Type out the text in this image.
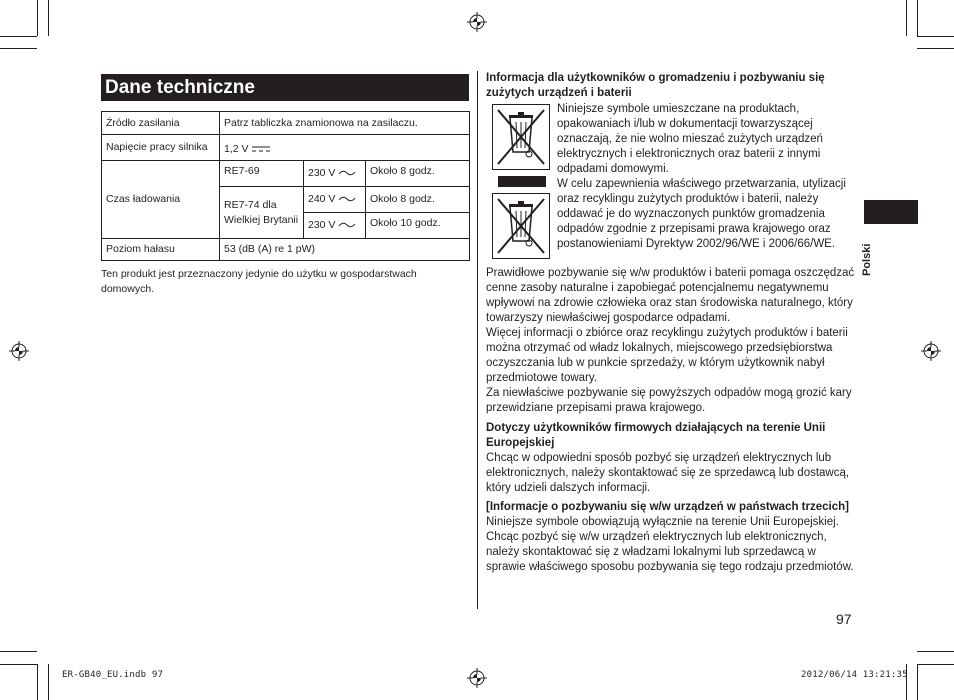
Dane techniczne
Źródło zasilania	Patrz tabliczka znamionowa na zasilaczu.		
Napięcie pracy silnika	1,2 V		
Czas ładowania	RE7-69	230 V	Około 8 godz.
	RE7-74 dla Wielkiej Brytanii	240 V	Około 8 godz.
		230 V	Około 10 godz.
Poziom hałasu	53 (dB (A) re 1 pW)		
Ten produkt jest przeznaczony jedynie do użytku w gospodarstwach domowych.
Informacja dla użytkowników o gromadzeniu i pozbywaniu się zużytych urządzeń i baterii
Niniejsze symbole umieszczane na produktach, opakowaniach i/lub w dokumentacji towarzyszącej oznaczają, że nie wolno mieszać zużytych urządzeń elektrycznych i elektronicznych oraz baterii z innymi odpadami domowymi.
W celu zapewnienia właściwego przetwarzania, utylizacji oraz recyklingu zużytych produktów i baterii, należy oddawać je do wyznaczonych punktów gromadzenia odpadów zgodnie z przepisami prawa krajowego oraz postanowieniami Dyrektyw 2002/96/WE i 2006/66/WE.
Prawidłowe pozbywanie się w/w produktów i baterii pomaga oszczędzać cenne zasoby naturalne i zapobiegać potencjalnemu negatywnemu wpływowi na zdrowie człowieka oraz stan środowiska naturalnego, który towarzyszy niewłaściwej gospodarce odpadami.
Więcej informacji o zbiórce oraz recyklingu zużytych produktów i baterii można otrzymać od władz lokalnych, miejscowego przedsiębiorstwa oczyszczania lub w punkcie sprzedaży, w którym użytkownik nabył przedmiotowe towary.
Za niewłaściwe pozbywanie się powyższych odpadów mogą grozić kary przewidziane przepisami prawa krajowego.
Dotyczy użytkowników firmowych działających na terenie Unii Europejskiej
Chcąc w odpowiedni sposób pozbyć się urządzeń elektrycznych lub elektronicznych, należy skontaktować się ze sprzedawcą lub dostawcą, który udzieli dalszych informacji.
[Informacje o pozbywaniu się w/w urządzeń w państwach trzecich]
Niniejsze symbole obowiązują wyłącznie na terenie Unii Europejskiej.
Chcąc pozbyć się w/w urządzeń elektrycznych lub elektronicznych, należy skontaktować się z władzami lokalnymi lub sprzedawcą w sprawie właściwego sposobu pozbywania się tego rodzaju przedmiotów.
Polski
97
ER-GB40_EU.indb 97	2012/06/14 13:21:35
